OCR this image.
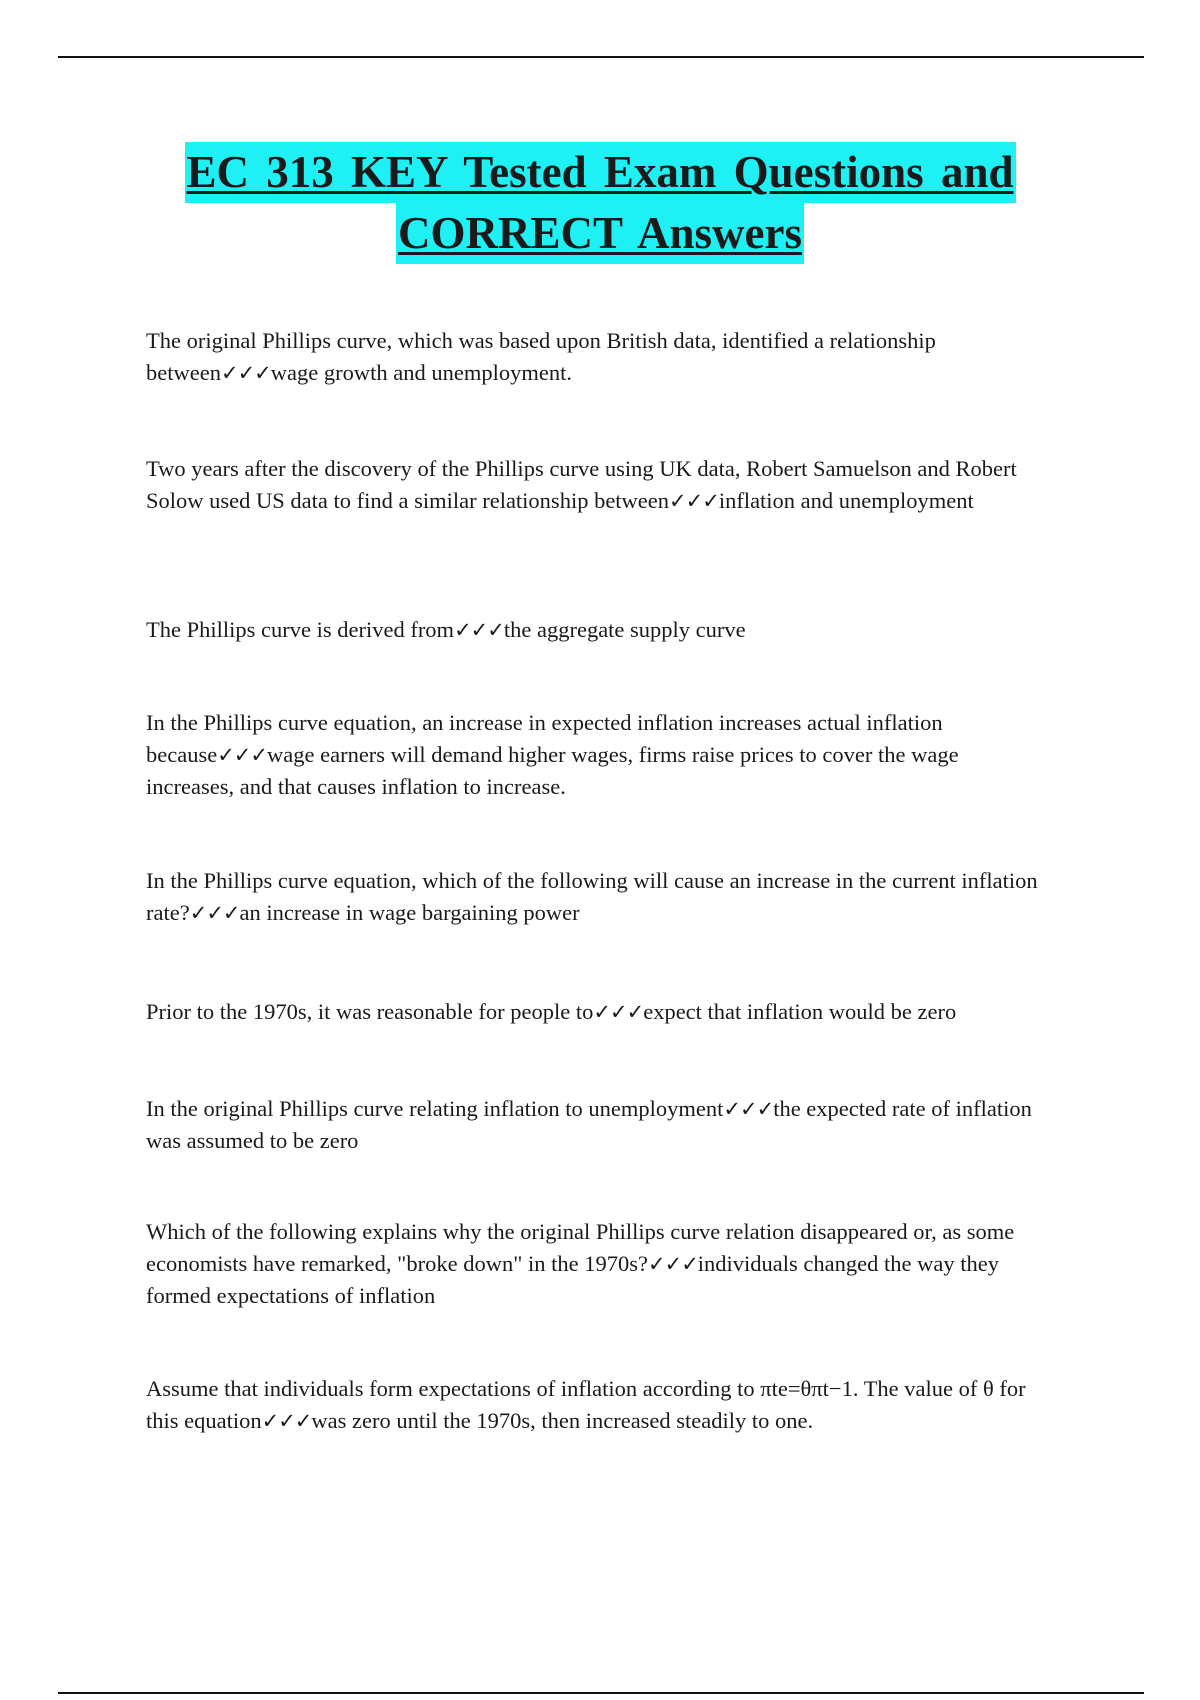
EC 313 KEY Tested Exam Questions and
CORRECT Answers

The original Phillips curve, which was based upon British data, identified a relationship between✓✓✓wage growth and unemployment.

Two years after the discovery of the Phillips curve using UK data, Robert Samuelson and Robert Solow used US data to find a similar relationship between✓✓✓inflation and unemployment

The Phillips curve is derived from✓✓✓the aggregate supply curve

In the Phillips curve equation, an increase in expected inflation increases actual inflation because✓✓✓wage earners will demand higher wages, firms raise prices to cover the wage increases, and that causes inflation to increase.

In the Phillips curve equation, which of the following will cause an increase in the current inflation rate?✓✓✓an increase in wage bargaining power

Prior to the 1970s, it was reasonable for people to✓✓✓expect that inflation would be zero

In the original Phillips curve relating inflation to unemployment✓✓✓the expected rate of inflation was assumed to be zero

Which of the following explains why the original Phillips curve relation disappeared or, as some economists have remarked, "broke down" in the 1970s?✓✓✓individuals changed the way they formed expectations of inflation

Assume that individuals form expectations of inflation according to πte=θπt−1. The value of θ for this equation✓✓✓was zero until the 1970s, then increased steadily to one.
